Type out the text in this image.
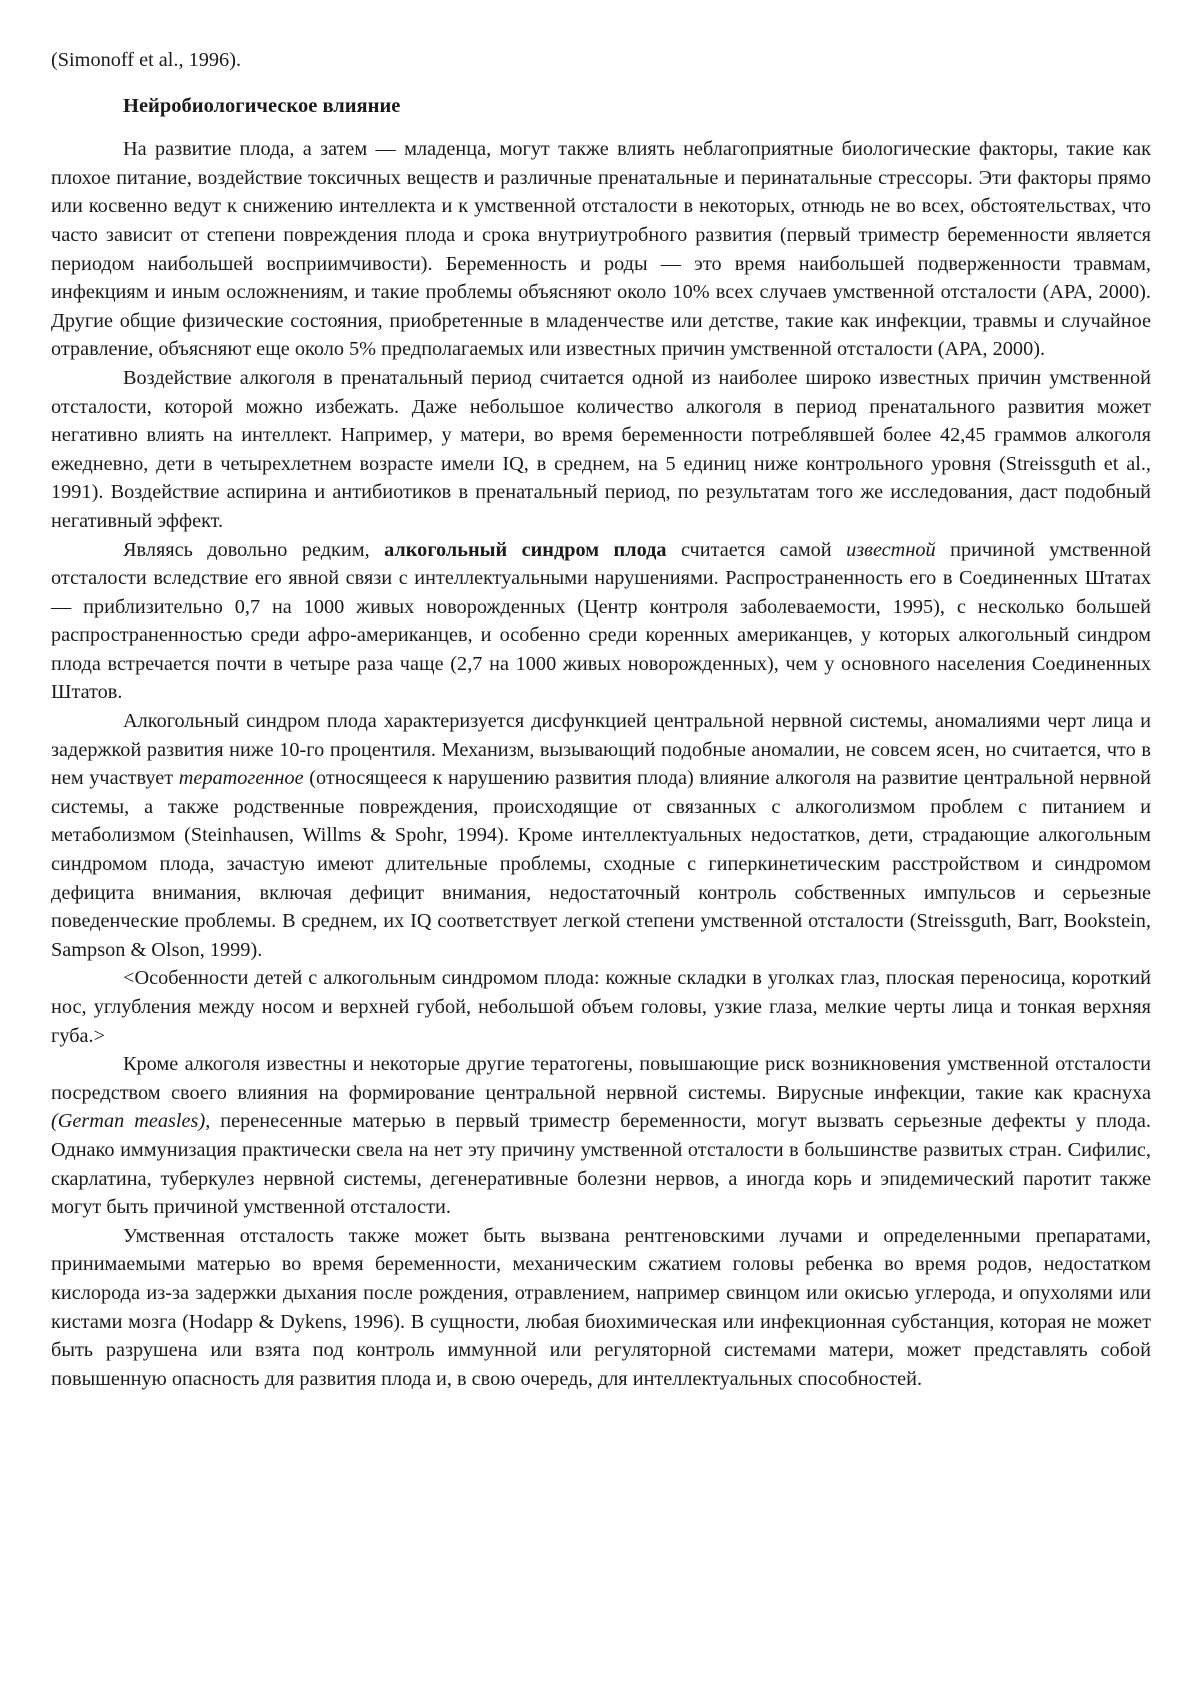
(Simonoff et al., 1996).

Нейробиологическое влияние

На развитие плода, а затем — младенца, могут также влиять неблагоприятные биологические факторы, такие как плохое питание, воздействие токсичных веществ и различные пренатальные и перинатальные стрессоры. Эти факторы прямо или косвенно ведут к снижению интеллекта и к умственной отсталости в некоторых, отнюдь не во всех, обстоятельствах, что часто зависит от степени повреждения плода и срока внутриутробного развития (первый триместр беременности является периодом наибольшей восприимчивости). Беременность и роды — это время наибольшей подверженности травмам, инфекциям и иным осложнениям, и такие проблемы объясняют около 10% всех случаев умственной отсталости (АРА, 2000). Другие общие физические состояния, приобретенные в младенчестве или детстве, такие как инфекции, травмы и случайное отравление, объясняют еще около 5% предполагаемых или известных причин умственной отсталости (АРА, 2000).

Воздействие алкоголя в пренатальный период считается одной из наиболее широко известных причин умственной отсталости, которой можно избежать. Даже небольшое количество алкоголя в период пренатального развития может негативно влиять на интеллект. Например, у матери, во время беременности потреблявшей более 42,45 граммов алкоголя ежедневно, дети в четырехлетнем возрасте имели IQ, в среднем, на 5 единиц ниже контрольного уровня (Streissguth et al., 1991). Воздействие аспирина и антибиотиков в пренатальный период, по результатам того же исследования, даст подобный негативный эффект.

Являясь довольно редким, алкогольный синдром плода считается самой известной причиной умственной отсталости вследствие его явной связи с интеллектуальными нарушениями. Распространенность его в Соединенных Штатах — приблизительно 0,7 на 1000 живых новорожденных (Центр контроля заболеваемости, 1995), с несколько большей распространенностью среди афро-американцев, и особенно среди коренных американцев, у которых алкогольный синдром плода встречается почти в четыре раза чаще (2,7 на 1000 живых новорожденных), чем у основного населения Соединенных Штатов.

Алкогольный синдром плода характеризуется дисфункцией центральной нервной системы, аномалиями черт лица и задержкой развития ниже 10-го процентиля. Механизм, вызывающий подобные аномалии, не совсем ясен, но считается, что в нем участвует тератогенное (относящееся к нарушению развития плода) влияние алкоголя на развитие центральной нервной системы, а также родственные повреждения, происходящие от связанных с алкоголизмом проблем с питанием и метаболизмом (Steinhausen, Willms & Spohr, 1994). Кроме интеллектуальных недостатков, дети, страдающие алкогольным синдромом плода, зачастую имеют длительные проблемы, сходные с гиперкинетическим расстройством и синдромом дефицита внимания, включая дефицит внимания, недостаточный контроль собственных импульсов и серьезные поведенческие проблемы. В среднем, их IQ соответствует легкой степени умственной отсталости (Streissguth, Barr, Bookstein, Sampson & Olson, 1999).

<Особенности детей с алкогольным синдромом плода: кожные складки в уголках глаз, плоская переносица, короткий нос, углубления между носом и верхней губой, небольшой объем головы, узкие глаза, мелкие черты лица и тонкая верхняя губа.>

Кроме алкоголя известны и некоторые другие тератогены, повышающие риск возникновения умственной отсталости посредством своего влияния на формирование центральной нервной системы. Вирусные инфекции, такие как краснуха (German measles), перенесенные матерью в первый триместр беременности, могут вызвать серьезные дефекты у плода. Однако иммунизация практически свела на нет эту причину умственной отсталости в большинстве развитых стран. Сифилис, скарлатина, туберкулез нервной системы, дегенеративные болезни нервов, а иногда корь и эпидемический паротит также могут быть причиной умственной отсталости.

Умственная отсталость также может быть вызвана рентгеновскими лучами и определенными препаратами, принимаемыми матерью во время беременности, механическим сжатием головы ребенка во время родов, недостатком кислорода из-за задержки дыхания после рождения, отравлением, например свинцом или окисью углерода, и опухолями или кистами мозга (Hodapp & Dykens, 1996). В сущности, любая биохимическая или инфекционная субстанция, которая не может быть разрушена или взята под контроль иммунной или регуляторной системами матери, может представлять собой повышенную опасность для развития плода и, в свою очередь, для интеллектуальных способностей.
